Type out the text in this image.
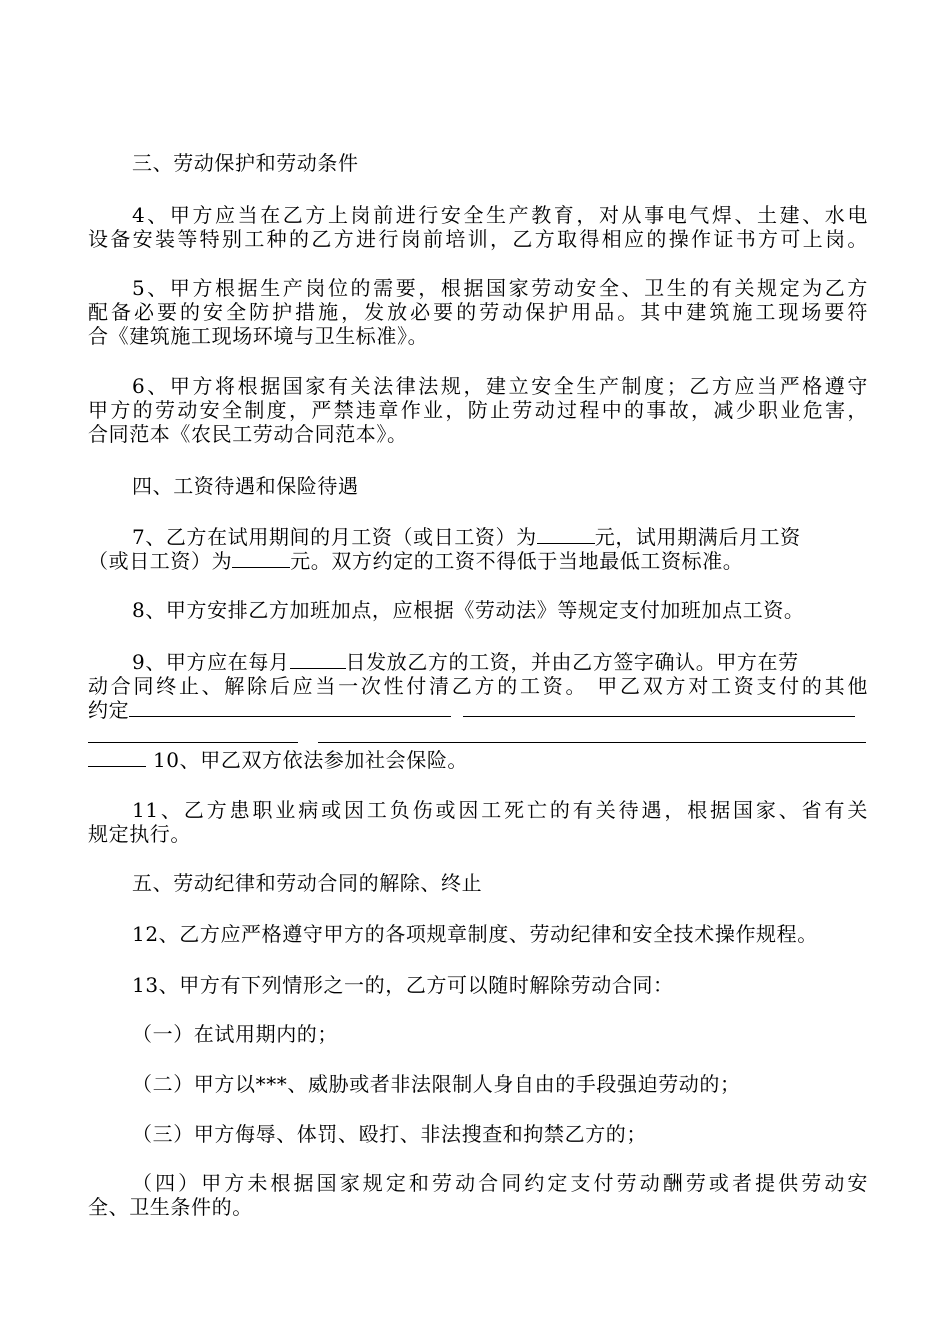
三、劳动保护和劳动条件

4、甲方应当在乙方上岗前进行安全生产教育，对从事电气焊、土建、水电
设备安装等特别工种的乙方进行岗前培训，乙方取得相应的操作证书方可上岗。

5、甲方根据生产岗位的需要，根据国家劳动安全、卫生的有关规定为乙方
配备必要的安全防护措施，发放必要的劳动保护用品。其中建筑施工现场要符
合《建筑施工现场环境与卫生标准》。

6、甲方将根据国家有关法律法规，建立安全生产制度；乙方应当严格遵守
甲方的劳动安全制度，严禁违章作业，防止劳动过程中的事故，减少职业危害，
合同范本《农民工劳动合同范本》。

四、工资待遇和保险待遇

7、乙方在试用期间的月工资（或日工资）为	元，试用期满后月工资
（或日工资）为	元。双方约定的工资不得低于当地最低工资标准。

8、甲方安排乙方加班加点，应根据《劳动法》等规定支付加班加点工资。

9、甲方应在每月	日发放乙方的工资，并由乙方签字确认。甲方在劳
动合同终止、解除后应当一次性付清乙方的工资。 甲乙双方对工资支付的其他
约定
10、甲乙双方依法参加社会保险。

11、乙方患职业病或因工负伤或因工死亡的有关待遇，根据国家、省有关
规定执行。

五、劳动纪律和劳动合同的解除、终止

12、乙方应严格遵守甲方的各项规章制度、劳动纪律和安全技术操作规程。

13、甲方有下列情形之一的，乙方可以随时解除劳动合同：

（一）在试用期内的；

（二）甲方以***、威胁或者非法限制人身自由的手段强迫劳动的；

（三）甲方侮辱、体罚、殴打、非法搜查和拘禁乙方的；

（四）甲方未根据国家规定和劳动合同约定支付劳动酬劳或者提供劳动安
全、卫生条件的。
